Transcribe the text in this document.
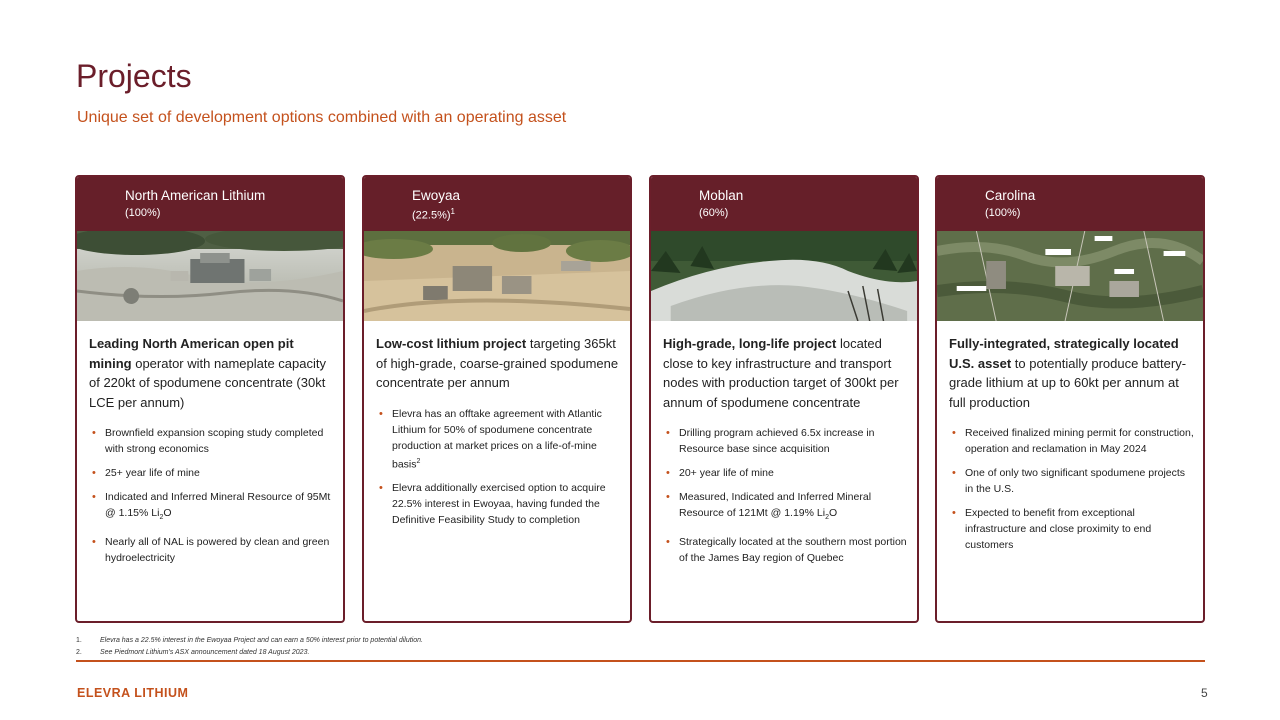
Projects
Unique set of development options combined with an operating asset
North American Lithium
(100%)

Leading North American open pit mining operator with nameplate capacity of 220kt of spodumene concentrate (30kt LCE per annum)

• Brownfield expansion scoping study completed with strong economics
• 25+ year life of mine
• Indicated and Inferred Mineral Resource of 95Mt @ 1.15% $Li_2O$
• Nearly all of NAL is powered by clean and green hydroelectricity
Ewoyaa
$(22.5\%)^1$

Low-cost lithium project targeting 365kt of high-grade, coarse-grained spodumene concentrate per annum

• Elevra has an offtake agreement with Atlantic Lithium for 50% of spodumene concentrate production at market prices on a life-of-mine basis$^2$
• Elevra additionally exercised option to acquire 22.5% interest in Ewoyaa, having funded the Definitive Feasibility Study to completion
Moblan
(60%)

High-grade, long-life project located close to key infrastructure and transport nodes with production target of 300kt per annum of spodumene concentrate

• Drilling program achieved 6.5x increase in Resource base since acquisition
• 20+ year life of mine
• Measured, Indicated and Inferred Mineral Resource of 121Mt @ 1.19% $Li_2O$
• Strategically located at the southern most portion of the James Bay region of Quebec
Carolina
(100%)

Fully-integrated, strategically located U.S. asset to potentially produce battery-grade lithium at up to 60kt per annum at full production

• Received finalized mining permit for construction, operation and reclamation in May 2024
• One of only two significant spodumene projects in the U.S.
• Expected to benefit from exceptional infrastructure and close proximity to end customers
1.	Elevra has a 22.5% interest in the Ewoyaa Project and can earn a 50% interest prior to potential dilution.
2.	See Piedmont Lithium's ASX announcement dated 18 August 2023.
ELEVRA LITHIUM	5
